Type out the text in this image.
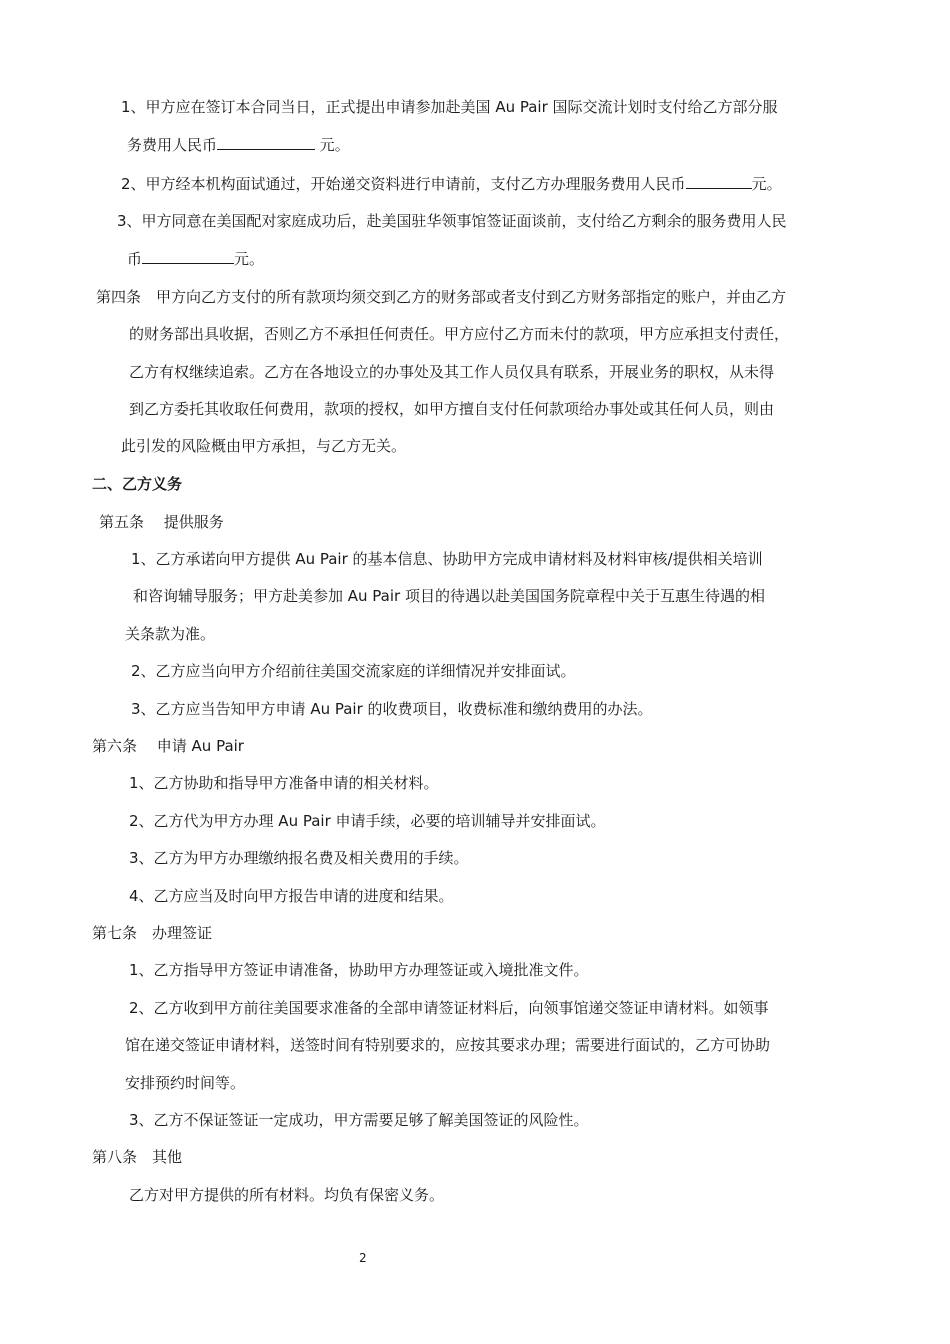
1、甲方应在签订本合同当日，正式提出申请参加赴美国 Au Pair 国际交流计划时支付给乙方部分服
务费用人民币	元。
2、甲方经本机构面试通过，开始递交资料进行申请前，支付乙方办理服务费用人民币	元。
3、甲方同意在美国配对家庭成功后，赴美国驻华领事馆签证面谈前，支付给乙方剩余的服务费用人民
币	元。
第四条　甲方向乙方支付的所有款项均须交到乙方的财务部或者支付到乙方财务部指定的账户，并由乙方
的财务部出具收据，否则乙方不承担任何责任。甲方应付乙方而未付的款项，甲方应承担支付责任，
乙方有权继续追索。乙方在各地设立的办事处及其工作人员仅具有联系，开展业务的职权，从未得
到乙方委托其收取任何费用，款项的授权，如甲方擅自支付任何款项给办事处或其任何人员，则由
此引发的风险概由甲方承担，与乙方无关。
二、乙方义务
第五条　 提供服务
1、乙方承诺向甲方提供 Au Pair 的基本信息、协助甲方完成申请材料及材料审核/提供相关培训
和咨询辅导服务；甲方赴美参加 Au Pair 项目的待遇以赴美国国务院章程中关于互惠生待遇的相
关条款为准。
2、乙方应当向甲方介绍前往美国交流家庭的详细情况并安排面试。
3、乙方应当告知甲方申请 Au Pair 的收费项目，收费标准和缴纳费用的办法。
第六条　 申请 Au Pair
1、乙方协助和指导甲方准备申请的相关材料。
2、乙方代为甲方办理 Au Pair 申请手续，必要的培训辅导并安排面试。
3、乙方为甲方办理缴纳报名费及相关费用的手续。
4、乙方应当及时向甲方报告申请的进度和结果。
第七条　办理签证
1、乙方指导甲方签证申请准备，协助甲方办理签证或入境批准文件。
2、乙方收到甲方前往美国要求准备的全部申请签证材料后，向领事馆递交签证申请材料。如领事
馆在递交签证申请材料，送签时间有特别要求的，应按其要求办理；需要进行面试的，乙方可协助
安排预约时间等。
3、乙方不保证签证一定成功，甲方需要足够了解美国签证的风险性。
第八条　其他
乙方对甲方提供的所有材料。均负有保密义务。
2
